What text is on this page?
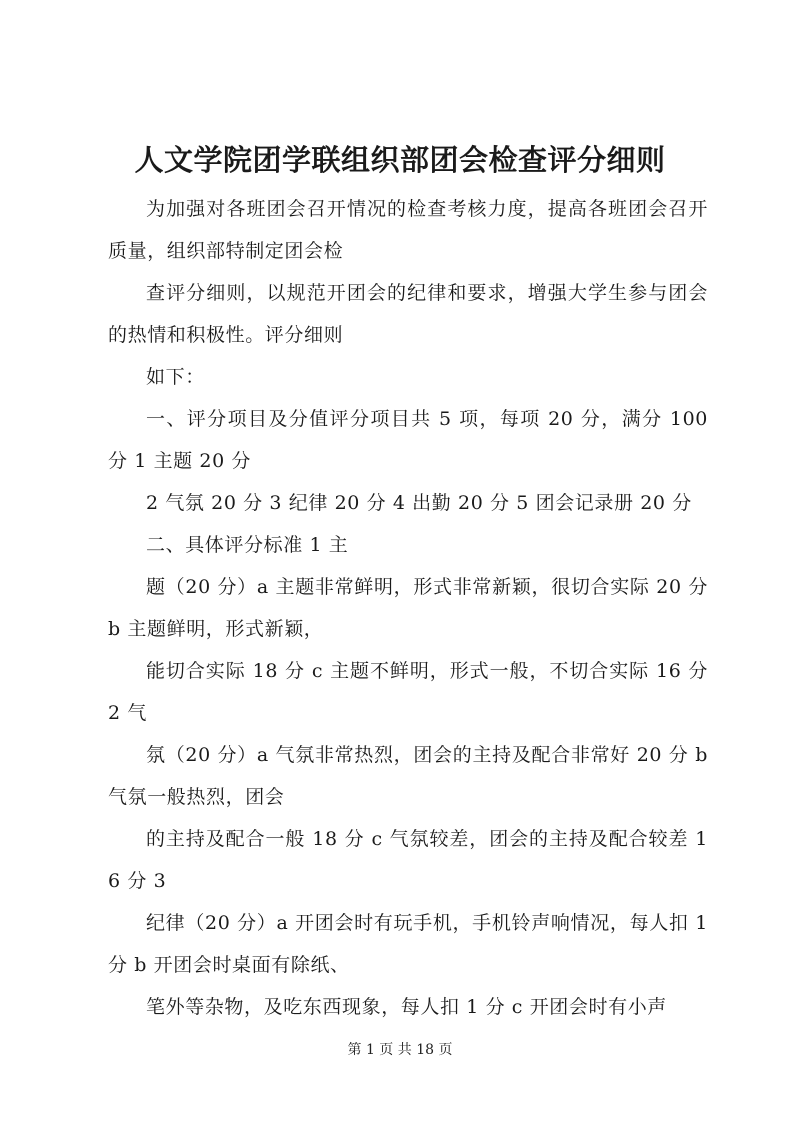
人文学院团学联组织部团会检查评分细则

为加强对各班团会召开情况的检查考核力度，提高各班团会召开质量，组织部特制定团会检

查评分细则，以规范开团会的纪律和要求，增强大学生参与团会的热情和积极性。评分细则

如下：

一、评分项目及分值评分项目共 5 项，每项 20 分，满分 100 分 1 主题 20 分

2 气氛 20 分 3 纪律 20 分 4 出勤 20 分 5 团会记录册 20 分

二、具体评分标准 1 主

题（20 分）a 主题非常鲜明，形式非常新颖，很切合实际 20 分 b 主题鲜明，形式新颖，

能切合实际 18 分 c 主题不鲜明，形式一般，不切合实际 16 分 2 气

氛（20 分）a 气氛非常热烈，团会的主持及配合非常好 20 分 b 气氛一般热烈，团会

的主持及配合一般 18 分 c 气氛较差，团会的主持及配合较差 16 分 3

纪律（20 分）a 开团会时有玩手机，手机铃声响情况，每人扣 1 分 b 开团会时桌面有除纸、

笔外等杂物，及吃东西现象，每人扣 1 分 c 开团会时有小声

第 1 页 共 18 页
